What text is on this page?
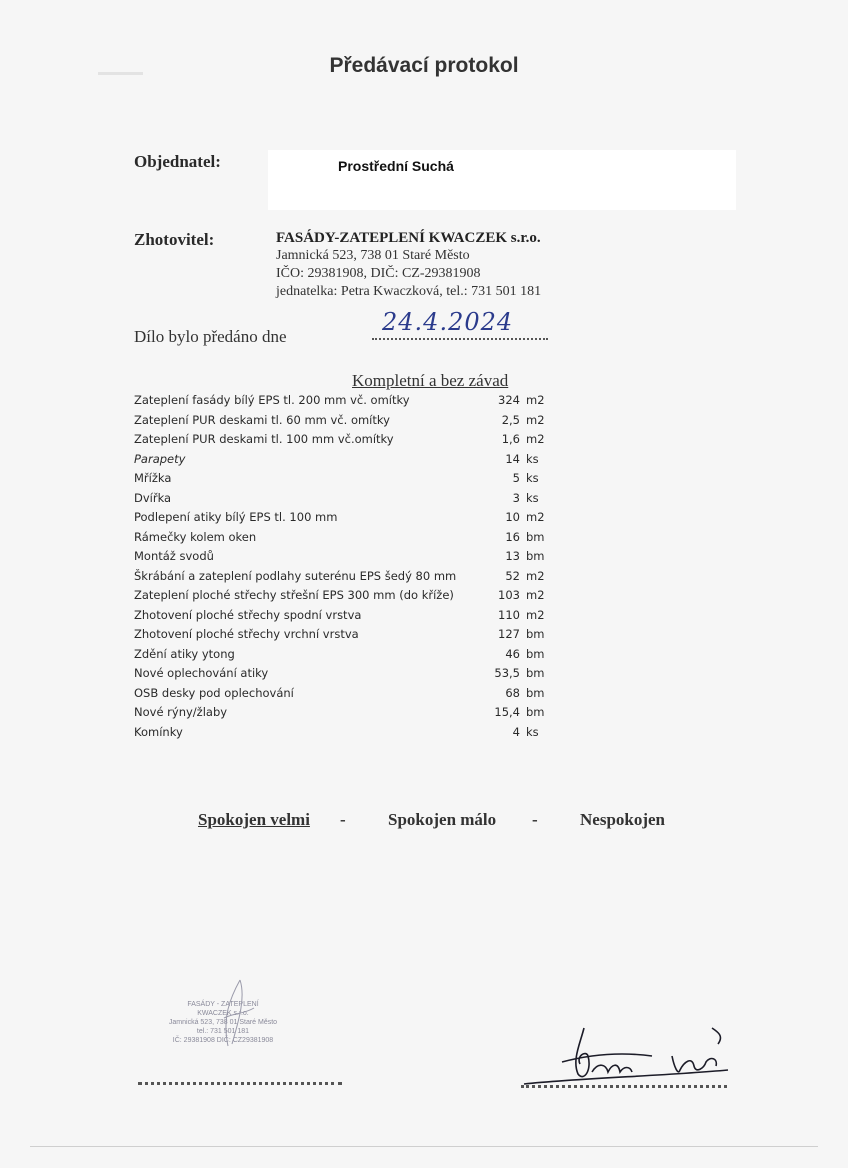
Předávací protokol
Objednatel:	Prostřední Suchá
Zhotovitel:	FASÁDY-ZATEPLENÍ KWACZEK s.r.o.
Jamnická 523, 738 01 Staré Město
IČO: 29381908, DIČ: CZ-29381908
jednatelka: Petra Kwaczková, tel.: 731 501 181
Dílo bylo předáno dne
24.4.2024
Kompletní a bez závad
Zateplení fasády bílý EPS tl. 200 mm vč. omítky	324 m2
Zateplení PUR deskami tl. 60 mm vč. omítky	2,5 m2
Zateplení PUR deskami tl. 100 mm vč.omítky	1,6 m2
Parapety	14 ks
Mřížka	5 ks
Dvířka	3 ks
Podlepení atiky bílý EPS tl. 100 mm	10 m2
Rámečky kolem oken	16 bm
Montáž svodů	13 bm
Škrábání a zateplení podlahy suterénu EPS šedý 80 mm	52 m2
Zateplení ploché střechy střešní EPS 300 mm (do kříže)	103 m2
Zhotovení ploché střechy spodní vrstva	110 m2
Zhotovení ploché střechy vrchní vrstva	127 bm
Zdění atiky ytong	46 bm
Nové oplechování atiky	53,5 bm
OSB desky pod oplechování	68 bm
Nové rýny/žlaby	15,4 bm
Komínky	4 ks
Spokojen velmi - Spokojen málo - Nespokojen
FASÁDY - ZATEPLENÍ
KWACZEK s.r.o.
Jamnická 523, 738 01 Staré Město
tel.: 731 501 181
IČ: 29381908 DIČ: CZ29381908
